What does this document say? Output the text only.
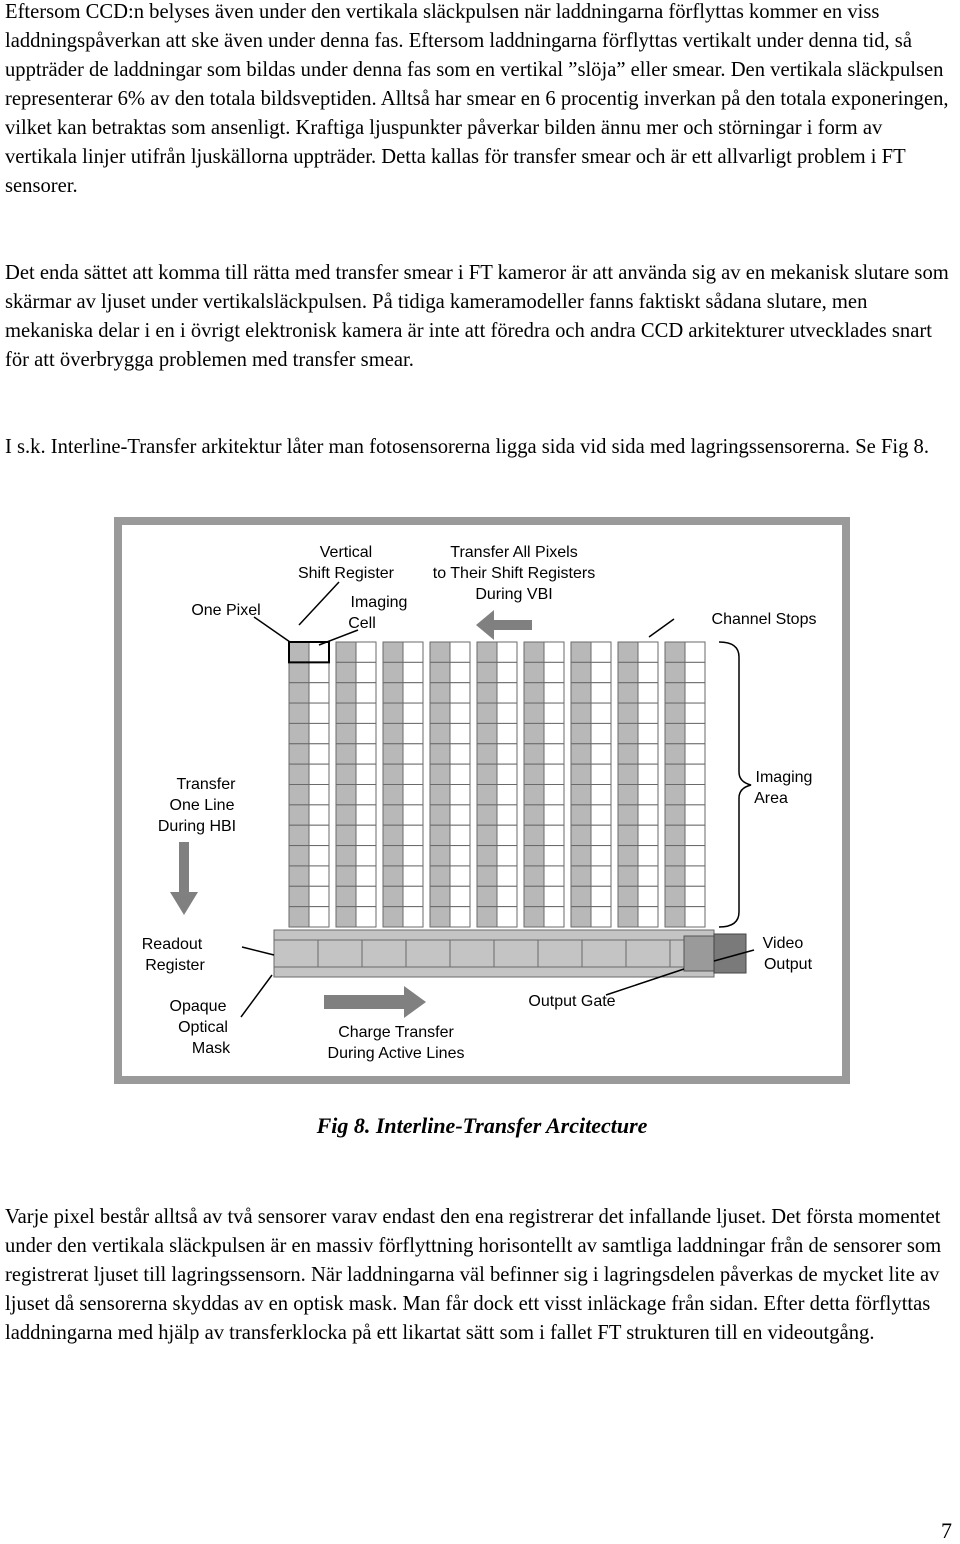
Eftersom CCD:n belyses även under den vertikala släckpulsen när laddningarna förflyttas kommer en viss laddningspåverkan att ske även under denna fas. Eftersom laddningarna förflyttas vertikalt under denna tid, så uppträder de laddningar som bildas under denna fas som en vertikal ”slöja” eller smear. Den vertikala släckpulsen representerar 6% av den totala bildsveptiden. Alltså har smear en 6 procentig inverkan på den totala exponeringen, vilket kan betraktas som ansenligt. Kraftiga ljuspunkter påverkar bilden ännu mer och störningar i form av vertikala linjer utifrån ljuskällorna uppträder. Detta kallas för transfer smear och är ett allvarligt problem i FT sensorer.

Det enda sättet att komma till rätta med transfer smear i FT kameror är att använda sig av en mekanisk slutare som skärmar av ljuset under vertikalsläckpulsen. På tidiga kameramodeller fanns faktiskt sådana slutare, men mekaniska delar i en i övrigt elektronisk kamera är inte att föredra och andra CCD arkitekturer utvecklades snart för att överbrygga problemen med transfer smear.

I s.k. Interline-Transfer arkitektur låter man fotosensorerna ligga sida vid sida med lagringssensorerna. Se Fig 8.

Vertical
Shift Register
Transfer All Pixels
to Their Shift Registers
During VBI
Imaging
Cell
One Pixel
Channel Stops
Transfer
One Line
During HBI
Imaging
Area
Readout
Register
Video
Output
Opaque
Optical
Mask
Output Gate
Charge Transfer
During Active Lines
Fig 8. Interline-Transfer Arcitecture

Varje pixel består alltså av två sensorer varav endast den ena registrerar det infallande ljuset. Det första momentet under den vertikala släckpulsen är en massiv förflyttning horisontellt av samtliga laddningar från de sensorer som registrerat ljuset till lagringssensorn. När laddningarna väl befinner sig i lagringsdelen påverkas de mycket lite av ljuset då sensorerna skyddas av en optisk mask. Man får dock ett visst inläckage från sidan. Efter detta förflyttas laddningarna med hjälp av transferklocka på ett likartat sätt som i fallet FT strukturen till en videoutgång.

7
